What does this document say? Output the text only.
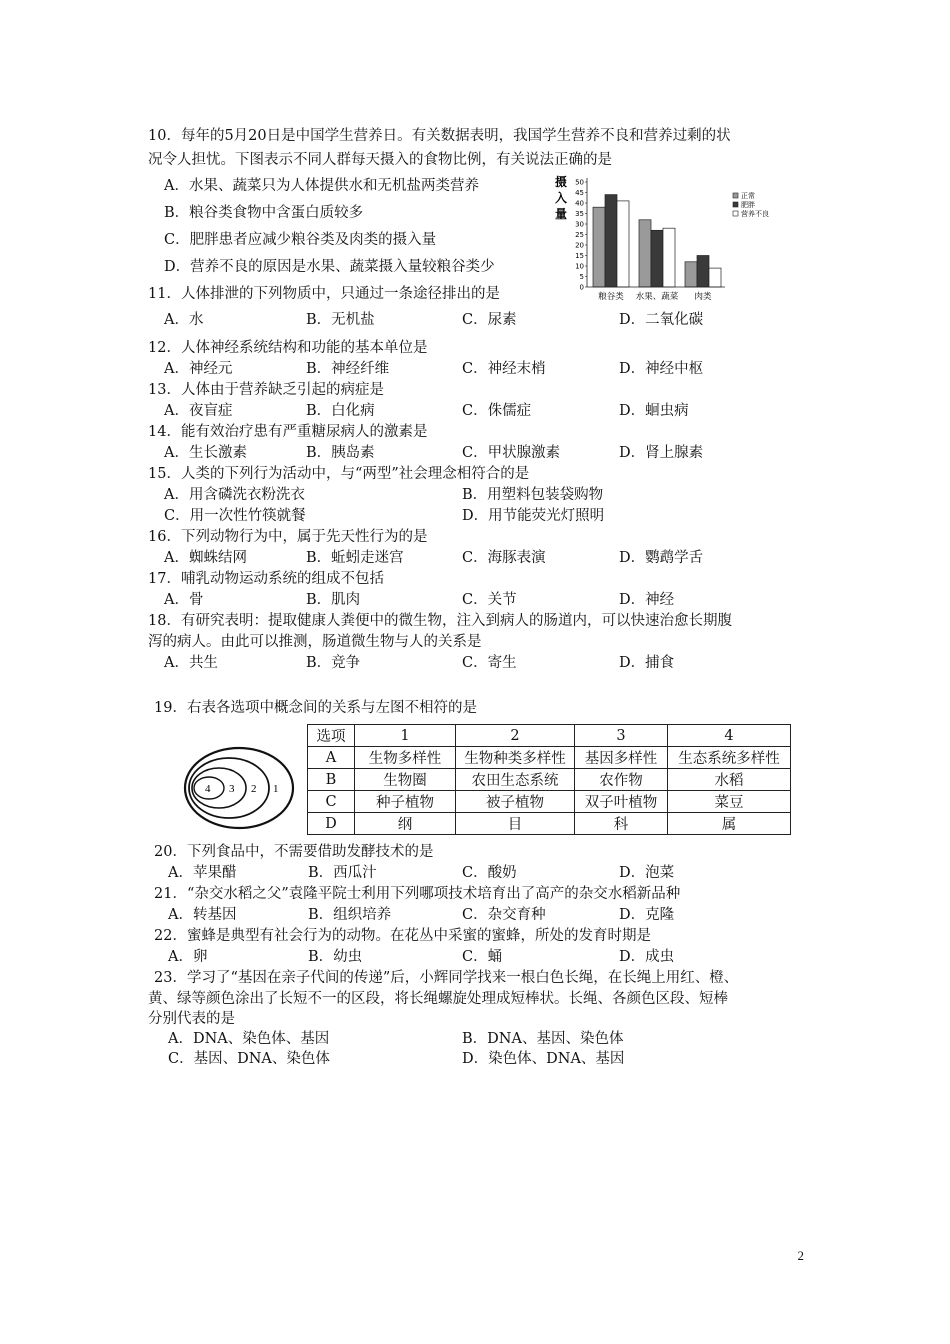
10．每年的5月20日是中国学生营养日。有关数据表明，我国学生营养不良和营养过剩的状
况令人担忧。下图表示不同人群每天摄入的食物比例，有关说法正确的是
A．水果、蔬菜只为人体提供水和无机盐两类营养
B．粮谷类食物中含蛋白质较多
C．肥胖患者应减少粮谷类及肉类的摄入量
D．营养不良的原因是水果、蔬菜摄入量较粮谷类少
摄
入
量
0
5
10
15
20
25
30
35
40
45
50
粮谷类 水果、蔬菜 肉类
正常
肥胖
营养不良
11．人体排泄的下列物质中，只通过一条途径排出的是
A．水	B．无机盐	C．尿素	D．二氧化碳
12．人体神经系统结构和功能的基本单位是
A．神经元	B．神经纤维	C．神经末梢	D．神经中枢
13．人体由于营养缺乏引起的病症是
A．夜盲症	B．白化病	C．侏儒症	D．蛔虫病
14．能有效治疗患有严重糖尿病人的激素是
A．生长激素	B．胰岛素	C．甲状腺激素	D．肾上腺素
15．人类的下列行为活动中，与“两型”社会理念相符合的是
A．用含磷洗衣粉洗衣	B．用塑料包装袋购物
C．用一次性竹筷就餐	D．用节能荧光灯照明
16．下列动物行为中，属于先天性行为的是
A．蜘蛛结网	B．蚯蚓走迷宫	C．海豚表演	D．鹦鹉学舌
17．哺乳动物运动系统的组成不包括
A．骨	B．肌肉	C．关节	D．神经
18．有研究表明：提取健康人粪便中的微生物，注入到病人的肠道内，可以快速治愈长期腹
泻的病人。由此可以推测，肠道微生物与人的关系是
A．共生	B．竞争	C．寄生	D．捕食
19．右表各选项中概念间的关系与左图不相符的是
4 3 2 1
选项	1	2	3	4
A	生物多样性	生物种类多样性	基因多样性	生态系统多样性
B	生物圈	农田生态系统	农作物	水稻
C	种子植物	被子植物	双子叶植物	菜豆
D	纲	目	科	属
20．下列食品中，不需要借助发酵技术的是
A．苹果醋	B．西瓜汁	C．酸奶	D．泡菜
21．“杂交水稻之父”袁隆平院士利用下列哪项技术培育出了高产的杂交水稻新品种
A．转基因	B．组织培养	C．杂交育种	D．克隆
22．蜜蜂是典型有社会行为的动物。在花丛中采蜜的蜜蜂，所处的发育时期是
A．卵	B．幼虫	C．蛹	D．成虫
23．学习了“基因在亲子代间的传递”后，小辉同学找来一根白色长绳，在长绳上用红、橙、
黄、绿等颜色涂出了长短不一的区段，将长绳螺旋处理成短棒状。长绳、各颜色区段、短棒
分别代表的是
A．DNA、染色体、基因	B．DNA、基因、染色体
C．基因、DNA、染色体	D．染色体、DNA、基因
2
